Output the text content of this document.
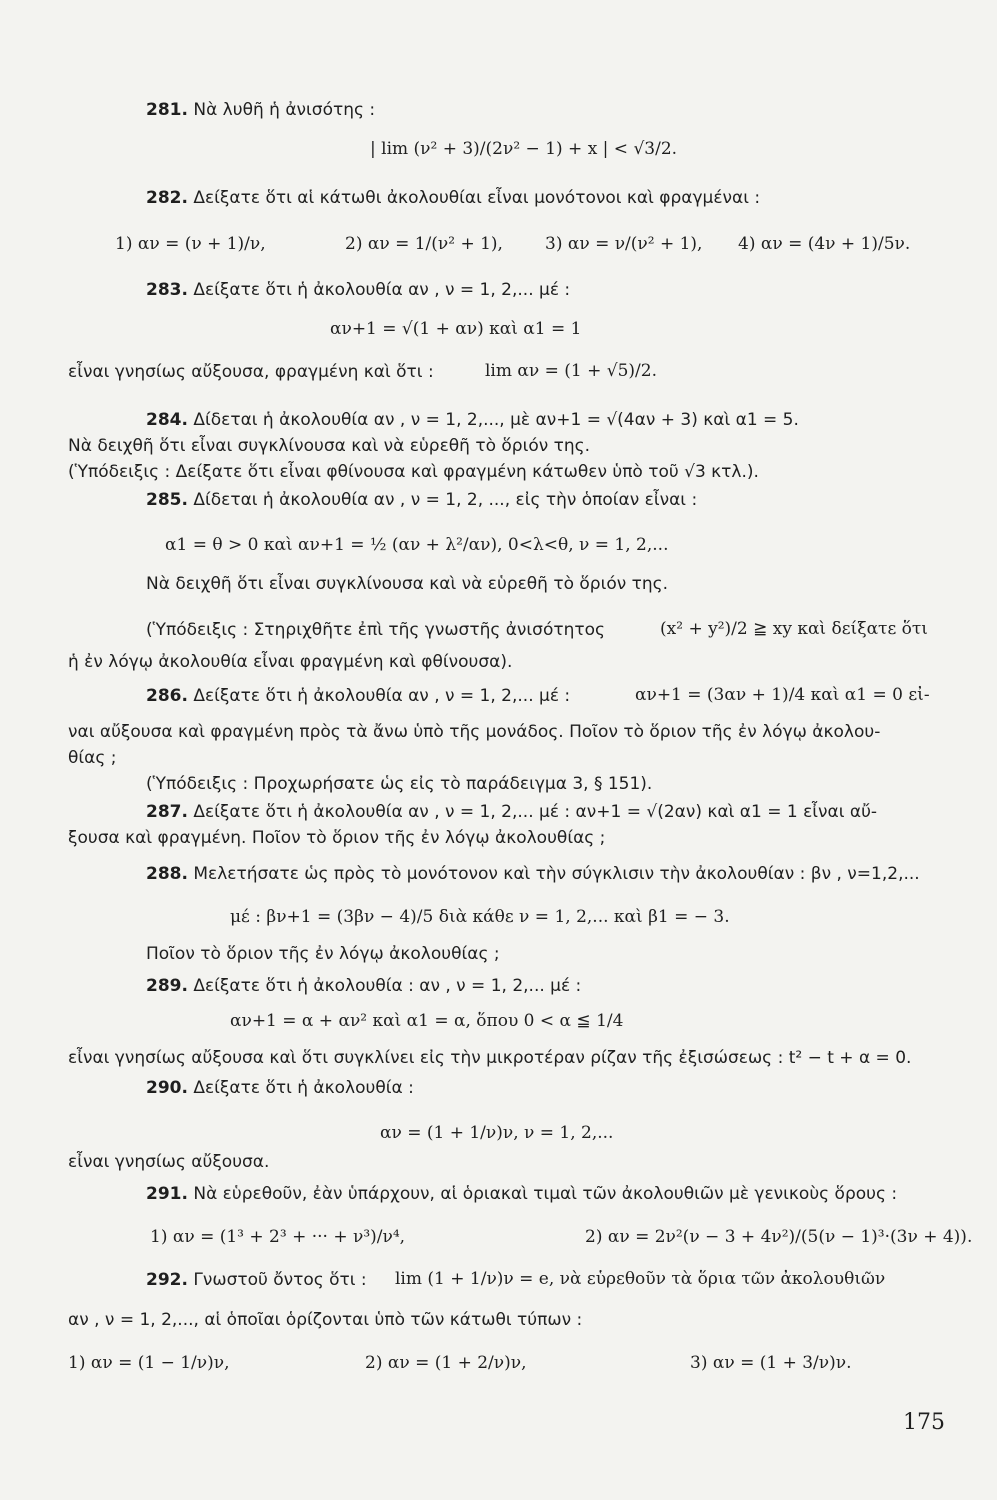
281. Νὰ λυθῆ ἡ ἀνισότης :
| lim (ν² + 3)/(2ν² − 1) + x | < √3/2.
282. Δείξατε ὅτι αἱ κάτωθι ἀκολουθίαι εἶναι μονότονοι καὶ φραγμέναι :
1) αν = (ν + 1)/ν,	2) αν = 1/(ν² + 1), 3) αν = ν/(ν² + 1), 4) αν = (4ν + 1)/5ν.
283. Δείξατε ὅτι ἡ ἀκολουθία αν , ν = 1, 2,... μέ :
αν+1 = √(1 + αν) καὶ α1 = 1
εἶναι γνησίως αὔξουσα, φραγμένη καὶ ὅτι :	lim αν = (1 + √5)/2.
284. Δίδεται ἡ ἀκολουθία αν , ν = 1, 2,..., μὲ αν+1 = √(4αν + 3) καὶ α1 = 5.
Νὰ δειχθῆ ὅτι εἶναι συγκλίνουσα καὶ νὰ εὑρεθῆ τὸ ὅριόν της.
(Ὑπόδειξις : Δείξατε ὅτι εἶναι φθίνουσα καὶ φραγμένη κάτωθεν ὑπὸ τοῦ √3 κτλ.).
285. Δίδεται ἡ ἀκολουθία αν , ν = 1, 2, ..., εἰς τὴν ὁποίαν εἶναι :
α1 = θ > 0 καὶ αν+1 = ½ (αν + λ²/αν), 0<λ<θ, ν = 1, 2,...
Νὰ δειχθῆ ὅτι εἶναι συγκλίνουσα καὶ νὰ εὑρεθῆ τὸ ὅριόν της.
(Ὑπόδειξις : Στηριχθῆτε ἐπὶ τῆς γνωστῆς ἀνισότητος	(x² + y²)/2 ≧ xy καὶ δείξατε ὅτι
ἡ ἐν λόγῳ ἀκολουθία εἶναι φραγμένη καὶ φθίνουσα).
286. Δείξατε ὅτι ἡ ἀκολουθία αν , ν = 1, 2,... μέ :	αν+1 = (3αν + 1)/4 καὶ α1 = 0 εἰ-
ναι αὔξουσα καὶ φραγμένη πρὸς τὰ ἄνω ὑπὸ τῆς μονάδος. Ποῖον τὸ ὅριον τῆς ἐν λόγῳ ἀκολου-
θίας ;
(Ὑπόδειξις : Προχωρήσατε ὡς εἰς τὸ παράδειγμα 3, § 151).
287. Δείξατε ὅτι ἡ ἀκολουθία αν , ν = 1, 2,... μέ : αν+1 = √(2αν) καὶ α1 = 1 εἶναι αὔ-
ξουσα καὶ φραγμένη. Ποῖον τὸ ὅριον τῆς ἐν λόγῳ ἀκολουθίας ;
288. Μελετήσατε ὡς πρὸς τὸ μονότονον καὶ τὴν σύγκλισιν τὴν ἀκολουθίαν : βν , ν=1,2,...
μέ : βν+1 = (3βν − 4)/5 διὰ κάθε ν = 1, 2,... καὶ β1 = − 3.
Ποῖον τὸ ὅριον τῆς ἐν λόγῳ ἀκολουθίας ;
289. Δείξατε ὅτι ἡ ἀκολουθία : αν , ν = 1, 2,... μέ :
αν+1 = α + αν² καὶ α1 = α, ὅπου 0 < α ≦ 1/4
εἶναι γνησίως αὔξουσα καὶ ὅτι συγκλίνει εἰς τὴν μικροτέραν ρίζαν τῆς ἐξισώσεως : t² − t + α = 0.
290. Δείξατε ὅτι ἡ ἀκολουθία :
αν = (1 + 1/ν)ν, ν = 1, 2,...
εἶναι γνησίως αὔξουσα.
291. Νὰ εὑρεθοῦν, ἐὰν ὑπάρχουν, αἱ ὁριακαὶ τιμαὶ τῶν ἀκολουθιῶν μὲ γενικοὺς ὅρους :
1) αν = (1³ + 2³ + ··· + ν³)/ν⁴,	2) αν = 2ν²(ν − 3 + 4ν²)/(5(ν − 1)³·(3ν + 4)).
292. Γνωστοῦ ὄντος ὅτι :	lim (1 + 1/ν)ν = e, νὰ εὑρεθοῦν τὰ ὅρια τῶν ἀκολουθιῶν
αν , ν = 1, 2,..., αἱ ὁποῖαι ὁρίζονται ὑπὸ τῶν κάτωθι τύπων :
1) αν = (1 − 1/ν)ν,	2) αν = (1 + 2/ν)ν,	3) αν = (1 + 3/ν)ν.
175
